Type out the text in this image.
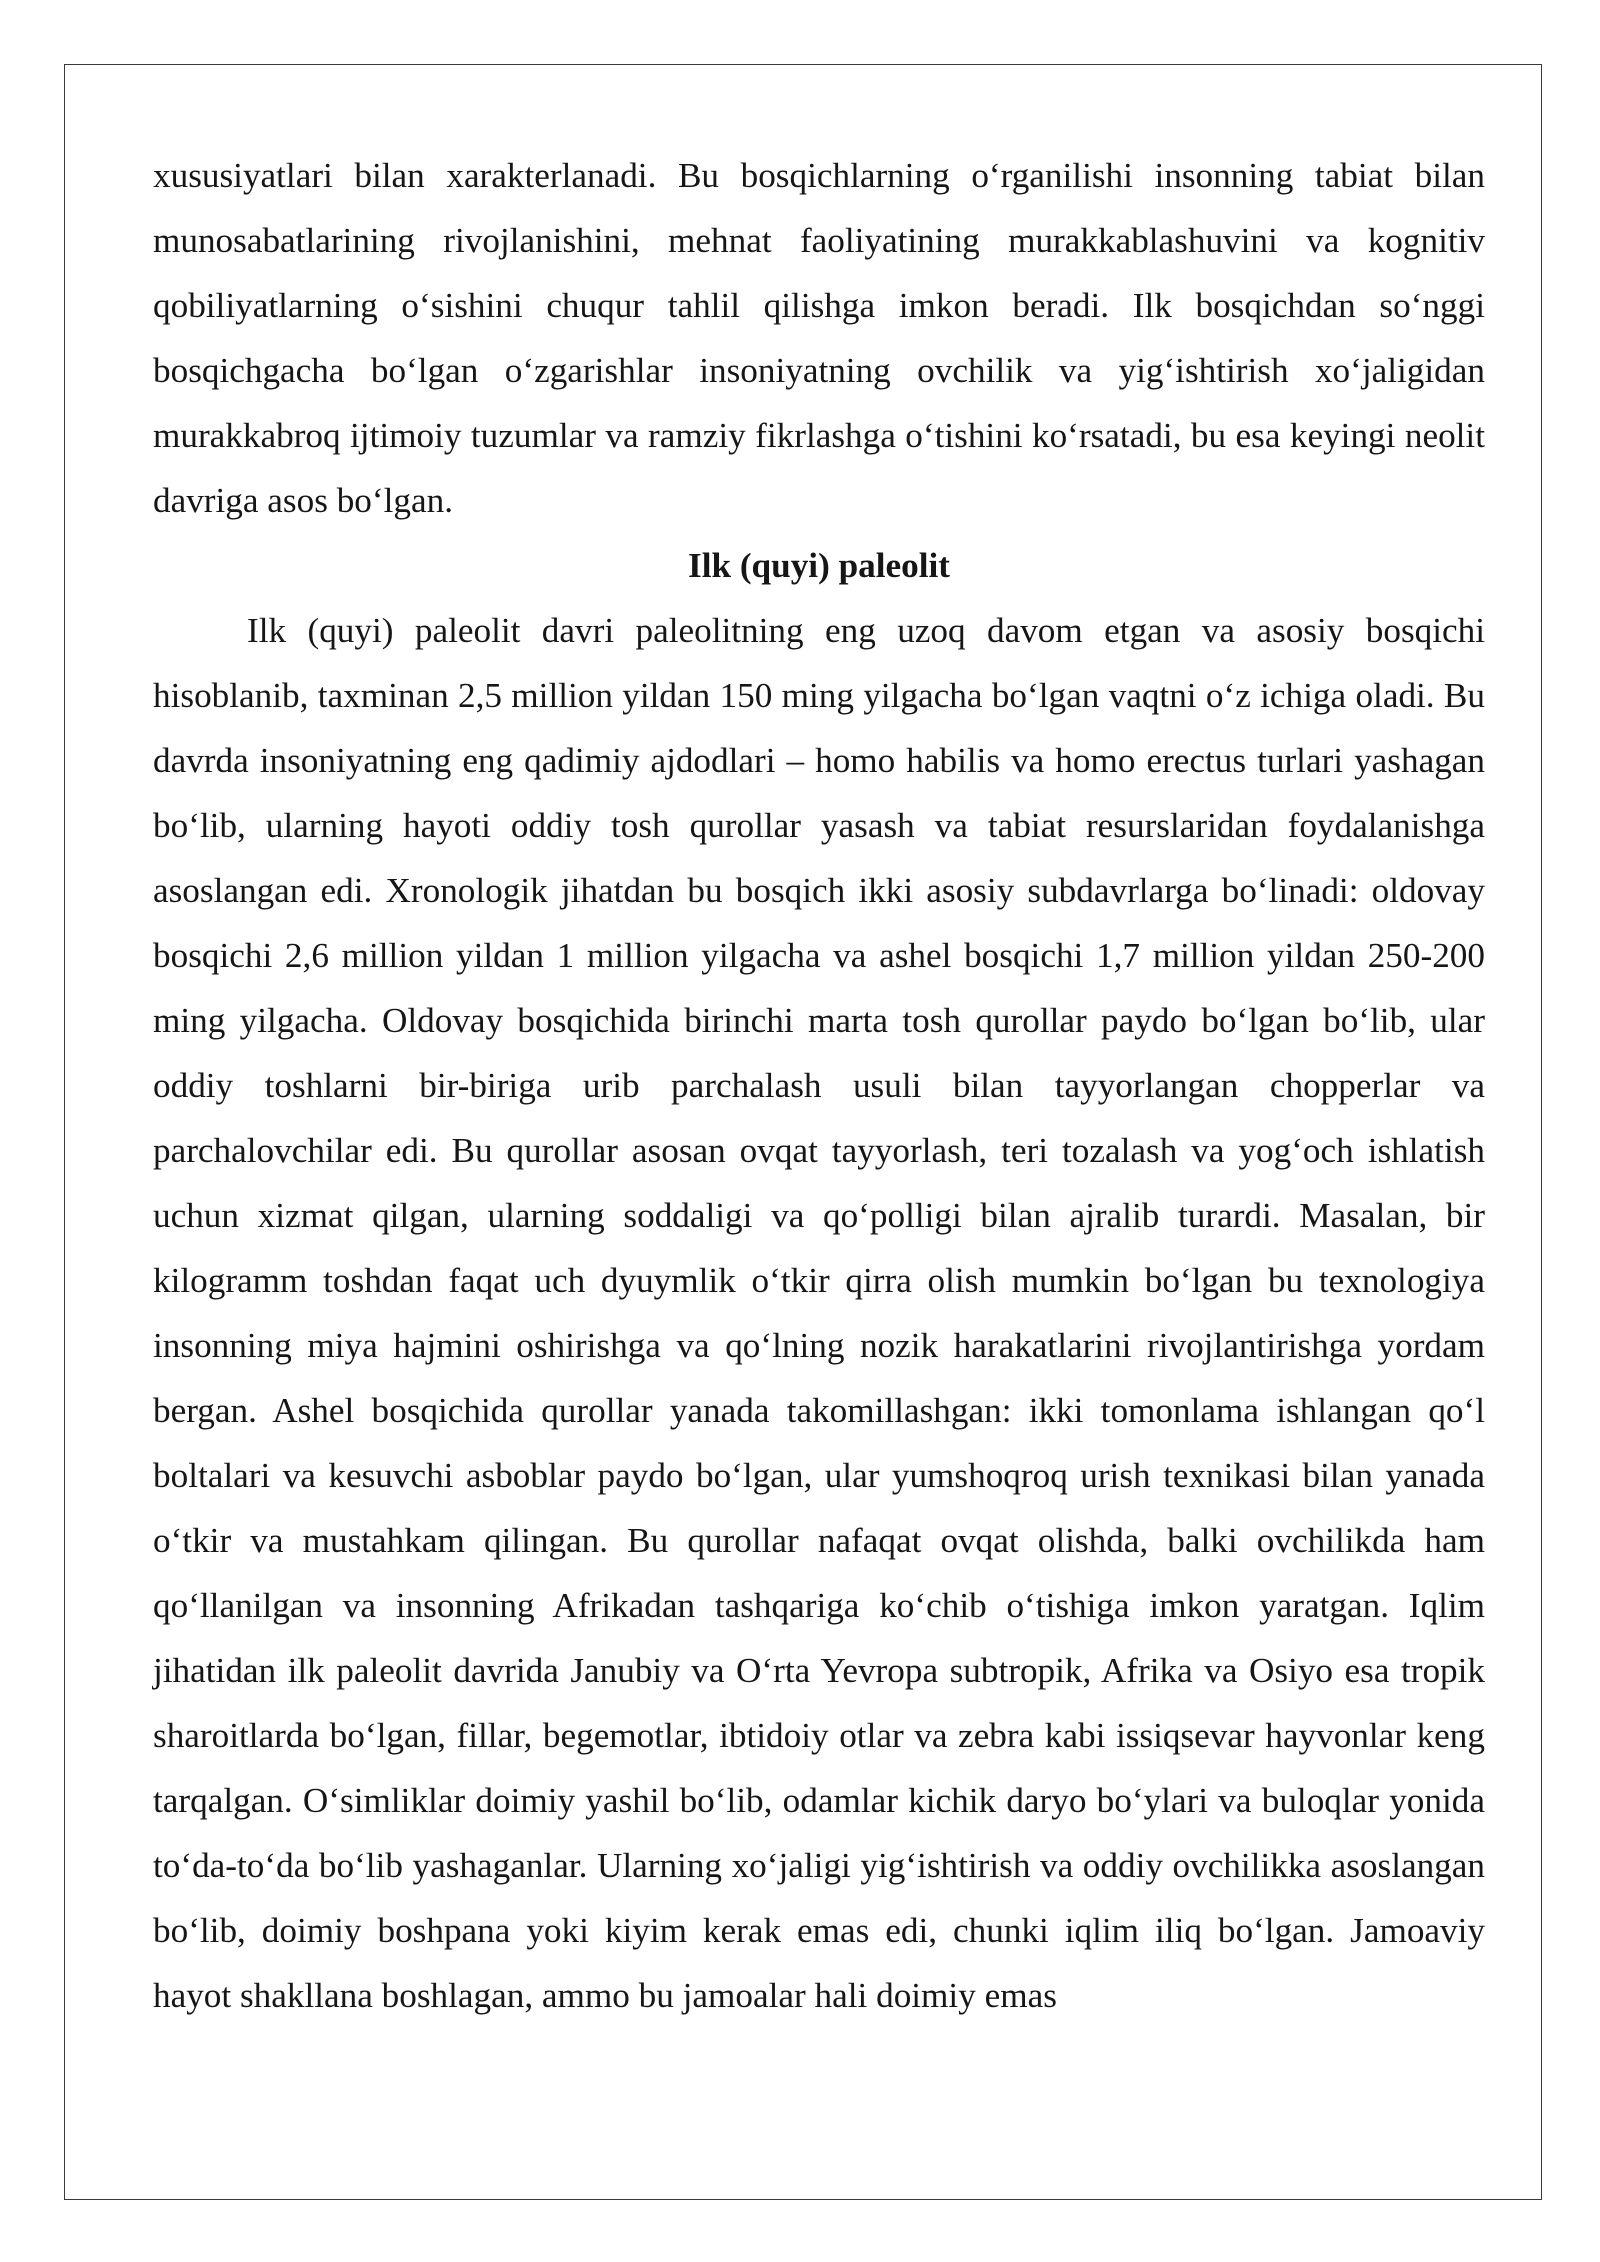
xususiyatlari bilan xarakterlanadi. Bu bosqichlarning o‘rganilishi insonning tabiat bilan munosabatlarining rivojlanishini, mehnat faoliyatining murakkablashuvini va kognitiv qobiliyatlarning o‘sishini chuqur tahlil qilishga imkon beradi. Ilk bosqichdan so‘nggi bosqichgacha bo‘lgan o‘zgarishlar insoniyatning ovchilik va yig‘ishtirish xo‘jaligidan murakkabroq ijtimoiy tuzumlar va ramziy fikrlashga o‘tishini ko‘rsatadi, bu esa keyingi neolit davriga asos bo‘lgan.

Ilk (quyi) paleolit

Ilk (quyi) paleolit davri paleolitning eng uzoq davom etgan va asosiy bosqichi hisoblanib, taxminan 2,5 million yildan 150 ming yilgacha bo‘lgan vaqtni o‘z ichiga oladi. Bu davrda insoniyatning eng qadimiy ajdodlari – homo habilis va homo erectus turlari yashagan bo‘lib, ularning hayoti oddiy tosh qurollar yasash va tabiat resurslaridan foydalanishga asoslangan edi. Xronologik jihatdan bu bosqich ikki asosiy subdavrlarga bo‘linadi: oldovay bosqichi 2,6 million yildan 1 million yilgacha va ashel bosqichi 1,7 million yildan 250-200 ming yilgacha. Oldovay bosqichida birinchi marta tosh qurollar paydo bo‘lgan bo‘lib, ular oddiy toshlarni bir-biriga urib parchalash usuli bilan tayyorlangan chopperlar va parchalovchilar edi. Bu qurollar asosan ovqat tayyorlash, teri tozalash va yog‘och ishlatish uchun xizmat qilgan, ularning soddaligi va qo‘polligi bilan ajralib turardi. Masalan, bir kilogramm toshdan faqat uch dyuymlik o‘tkir qirra olish mumkin bo‘lgan bu texnologiya insonning miya hajmini oshirishga va qo‘lning nozik harakatlarini rivojlantirishga yordam bergan. Ashel bosqichida qurollar yanada takomillashgan: ikki tomonlama ishlangan qo‘l boltalari va kesuvchi asboblar paydo bo‘lgan, ular yumshoqroq urish texnikasi bilan yanada o‘tkir va mustahkam qilingan. Bu qurollar nafaqat ovqat olishda, balki ovchilikda ham qo‘llanilgan va insonning Afrikadan tashqariga ko‘chib o‘tishiga imkon yaratgan. Iqlim jihatidan ilk paleolit davrida Janubiy va O‘rta Yevropa subtropik, Afrika va Osiyo esa tropik sharoitlarda bo‘lgan, fillar, begemotlar, ibtidoiy otlar va zebra kabi issiqsevar hayvonlar keng tarqalgan. O‘simliklar doimiy yashil bo‘lib, odamlar kichik daryo bo‘ylari va buloqlar yonida to‘da-to‘da bo‘lib yashaganlar. Ularning xo‘jaligi yig‘ishtirish va oddiy ovchilikka asoslangan bo‘lib, doimiy boshpana yoki kiyim kerak emas edi, chunki iqlim iliq bo‘lgan. Jamoaviy hayot shakllana boshlagan, ammo bu jamoalar hali doimiy emas
